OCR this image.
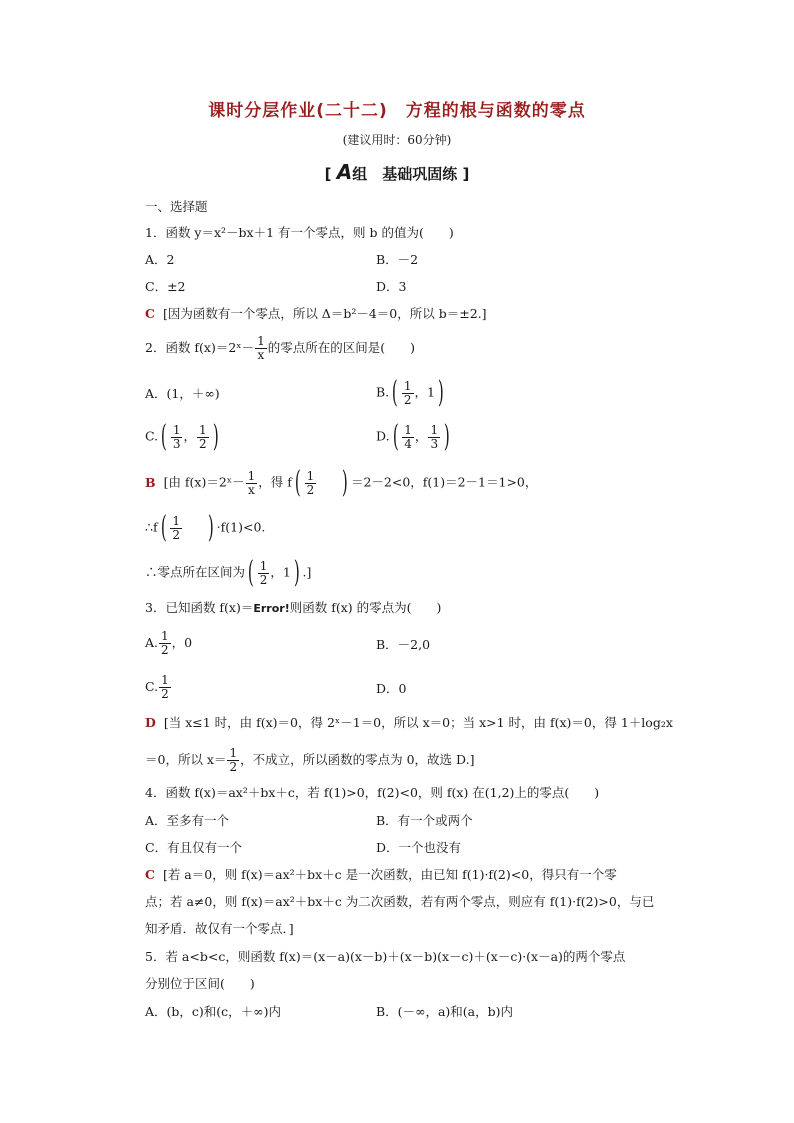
课时分层作业(二十二)　方程的根与函数的零点
(建议用时：60分钟)
[ A组　基础巩固练 ]
一、选择题
1．函数 y＝x²－bx＋1 有一个零点，则 b 的值为(　　)
A．2	B．－2
C．±2	D．3
C [因为函数有一个零点，所以 Δ＝b²－4＝0，所以 b＝±2.]
2．函数 f(x)＝2ˣ－ $\frac{1}{x}$ 的零点所在的区间是(　　)
A．(1，＋∞)	$B.( \frac{1}{2}$ ，1)
$C.( \frac{1}{3}$ ， $\frac{1}{2}$ )	$D.( \frac{1}{4}$ ， $\frac{1}{3}$ )
B [由 f(x)＝2ˣ－ $\frac{1}{x}$ ，得 $f( \frac{1}{2}$ ) ＝2－2<0，f(1)＝2－1＝1>0，
∴f( $\frac{1}{2}$ ) ·f(1)<0.
∴零点所在区间为( $\frac{1}{2}$ ，1) .]
3．已知函数 f(x)＝Error!则函数 f(x) 的零点为(　　)
A. $\frac{1}{2}$ ，0	B．－2,0
C. $\frac{1}{2}$	D．0
D [当 x≤1 时，由 f(x)＝0，得 2ˣ－1＝0，所以 x＝0；当 x>1 时，由 f(x)＝0，得 1＋log₂x
＝0，所以 $x= \frac{1}{2}$ ，不成立，所以函数的零点为 0，故选 D.]
4．函数 f(x)＝ax²＋bx＋c，若 f(1)>0，f(2)<0，则 f(x) 在(1,2)上的零点(　　)
A．至多有一个	B．有一个或两个
C．有且仅有一个	D．一个也没有
C [若 a＝0，则 f(x)＝ax²＋bx＋c 是一次函数，由已知 f(1)·f(2)<0，得只有一个零
点；若 a≠0，则 f(x)＝ax²＋bx＋c 为二次函数，若有两个零点，则应有 f(1)·f(2)>0，与已
知矛盾．故仅有一个零点．]
5．若 a<b<c，则函数 f(x)＝(x－a)(x－b)＋(x－b)(x－c)＋(x－c)·(x－a)的两个零点
分别位于区间(　　)
A．(b，c)和(c，＋∞)内	B．(－∞，a)和(a，b)内
